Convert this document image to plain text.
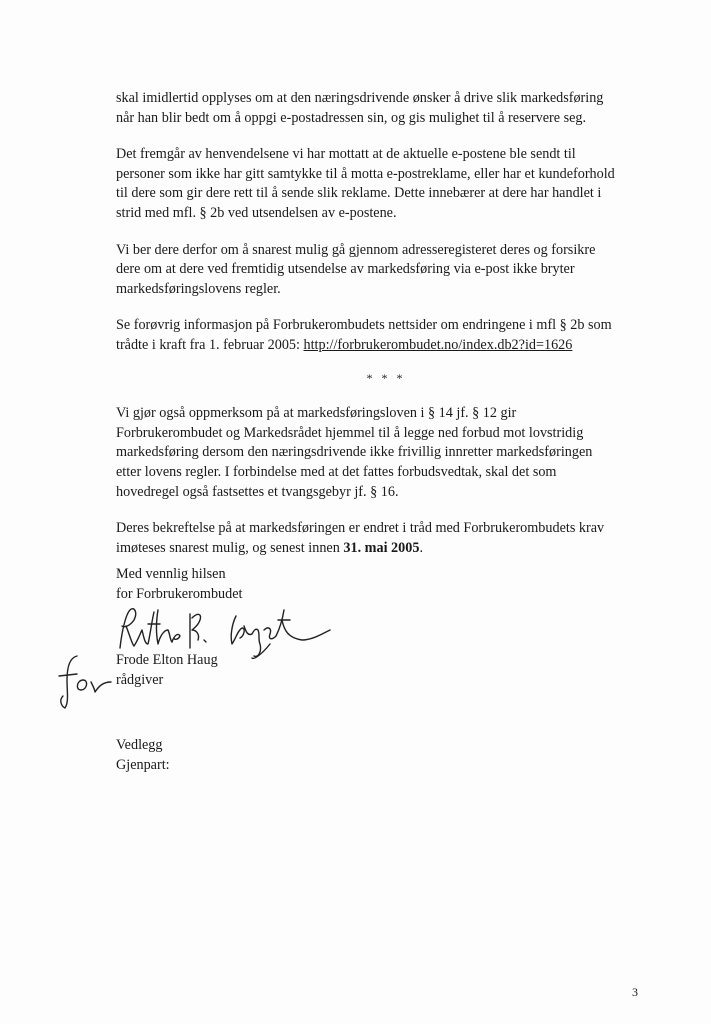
skal imidlertid opplyses om at den næringsdrivende ønsker å drive slik markedsføring
når han blir bedt om å oppgi e-postadressen sin, og gis mulighet til å reservere seg.

Det fremgår av henvendelsene vi har mottatt at de aktuelle e-postene ble sendt til
personer som ikke har gitt samtykke til å motta e-postreklame, eller har et kundeforhold
til dere som gir dere rett til å sende slik reklame. Dette innebærer at dere har handlet i
strid med mfl. § 2b ved utsendelsen av e-postene.

Vi ber dere derfor om å snarest mulig gå gjennom adresseregisteret deres og forsikre
dere om at dere ved fremtidig utsendelse av markedsføring via e-post ikke bryter
markedsføringslovens regler.

Se forøvrig informasjon på Forbrukerombudets nettsider om endringene i mfl § 2b som
trådte i kraft fra 1. februar 2005: http://forbrukerombudet.no/index.db2?id=1626

* * *

Vi gjør også oppmerksom på at markedsføringsloven i § 14 jf. § 12 gir
Forbrukerombudet og Markedsrådet hjemmel til å legge ned forbud mot lovstridig
markedsføring dersom den næringsdrivende ikke frivillig innretter markedsføringen
etter lovens regler. I forbindelse med at det fattes forbudsvedtak, skal det som
hovedregel også fastsettes et tvangsgebyr jf. § 16.

Deres bekreftelse på at markedsføringen er endret i tråd med Forbrukerombudets krav
imøteses snarest mulig, og senest innen 31. mai 2005.

Med vennlig hilsen
for Forbrukerombudet
Frode Elton Haug
rådgiver
Vedlegg
Gjenpart:
3
